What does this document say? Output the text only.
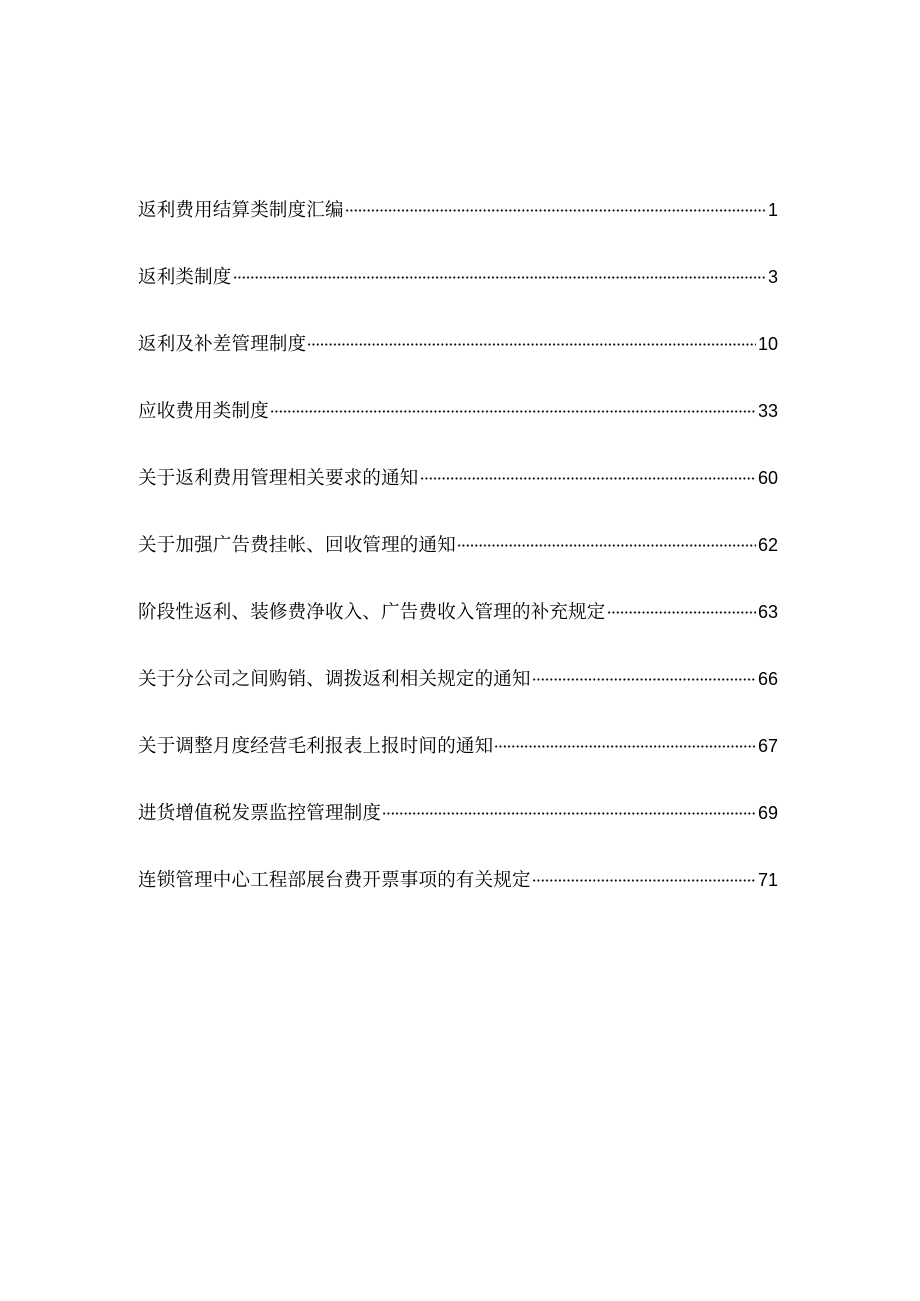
返利费用结算类制度汇编	1
返利类制度	3
返利及补差管理制度	10
应收费用类制度	33
关于返利费用管理相关要求的通知	60
关于加强广告费挂帐、回收管理的通知	62
阶段性返利、装修费净收入、广告费收入管理的补充规定	63
关于分公司之间购销、调拨返利相关规定的通知	66
关于调整月度经营毛利报表上报时间的通知	67
进货增值税发票监控管理制度	69
连锁管理中心工程部展台费开票事项的有关规定	71
